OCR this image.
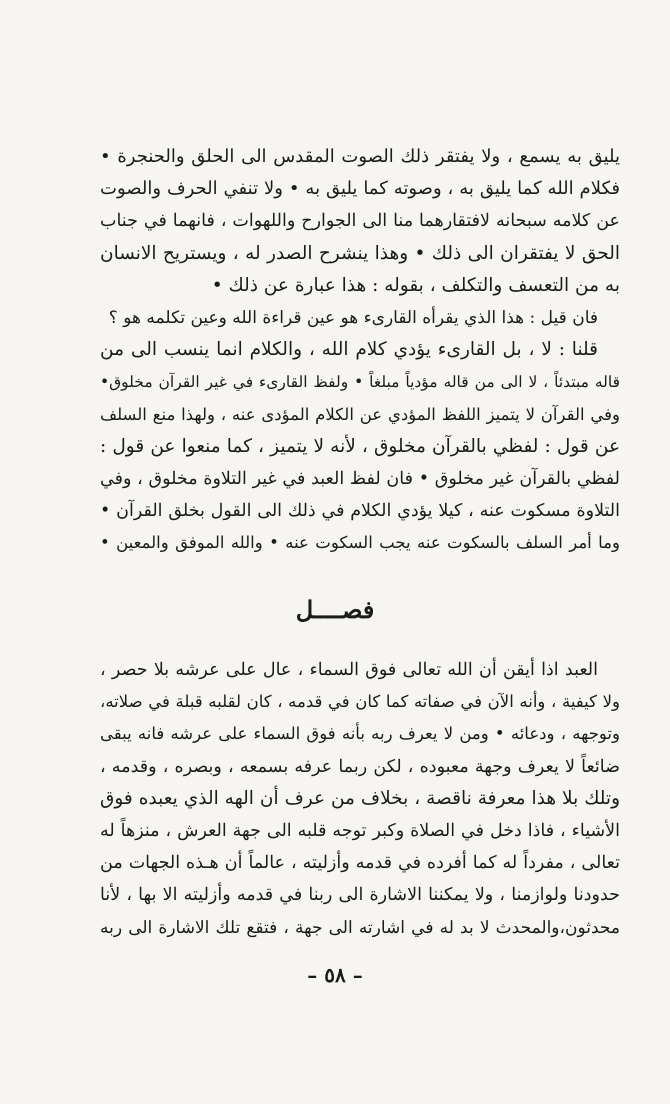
يليق به يسمع ، ولا يفتقر ذلك الصوت المقدس الى الحلق والحنجرة •
فكلام الله كما يليق به ، وصوته كما يليق به • ولا تنفي الحرف والصوت
عن كلامه سبحانه لافتقارهما منا الى الجوارح واللهوات ، فانهما في جناب
الحق لا يفتقران الى ذلك • وهذا ينشرح الصدر له ، ويستريح الانسان
به من التعسف والتكلف ، بقوله : هذا عبارة عن ذلك •
فان قيل : هذا الذي يقرأه القارىء هو عين قراءة الله وعين تكلمه هو ؟
قلنا : لا ، بل القارىء يؤدي كلام الله ، والكلام انما ينسب الى من
قاله مبتدئاً ، لا الى من قاله مؤدياً مبلغاً • ولفظ القارىء في غير القرآن مخلوق•
وفي القرآن لا يتميز اللفظ المؤدي عن الكلام المؤدى عنه ، ولهذا منع السلف
عن قول : لفظي بالقرآن مخلوق ، لأنه لا يتميز ، كما منعوا عن قول :
لفظي بالقرآن غير مخلوق • فان لفظ العبد في غير التلاوة مخلوق ، وفي
التلاوة مسكوت عنه ، كيلا يؤدي الكلام في ذلك الى القول بخلق القرآن •
وما أمر السلف بالسكوت عنه يجب السكوت عنه • والله الموفق والمعين •
فصــــل
العبد اذا أيقن أن الله تعالى فوق السماء ، عال على عرشه بلا حصر ،
ولا كيفية ، وأنه الآن في صفاته كما كان في قدمه ، كان لقلبه قبلة في صلاته،
وتوجهه ، ودعائه • ومن لا يعرف ربه بأنه فوق السماء على عرشه فانه يبقى
ضائعاً لا يعرف وجهة معبوده ، لكن ربما عرفه بسمعه ، وبصره ، وقدمه ،
وتلك بلا هذا معرفة ناقصة ، بخلاف من عرف أن الهه الذي يعبده فوق
الأشياء ، فاذا دخل في الصلاة وكبر توجه قلبه الى جهة العرش ، منزهاً له
تعالى ، مفرداً له كما أفرده في قدمه وأزليته ، عالماً أن هـذه الجهات من
حدودنا ولوازمنا ، ولا يمكننا الاشارة الى ربنا في قدمه وأزليته الا بها ، لأنا
محدثون،والمحدث لا بد له في اشارته الى جهة ، فتقع تلك الاشارة الى ربه
– ٥٨ –
